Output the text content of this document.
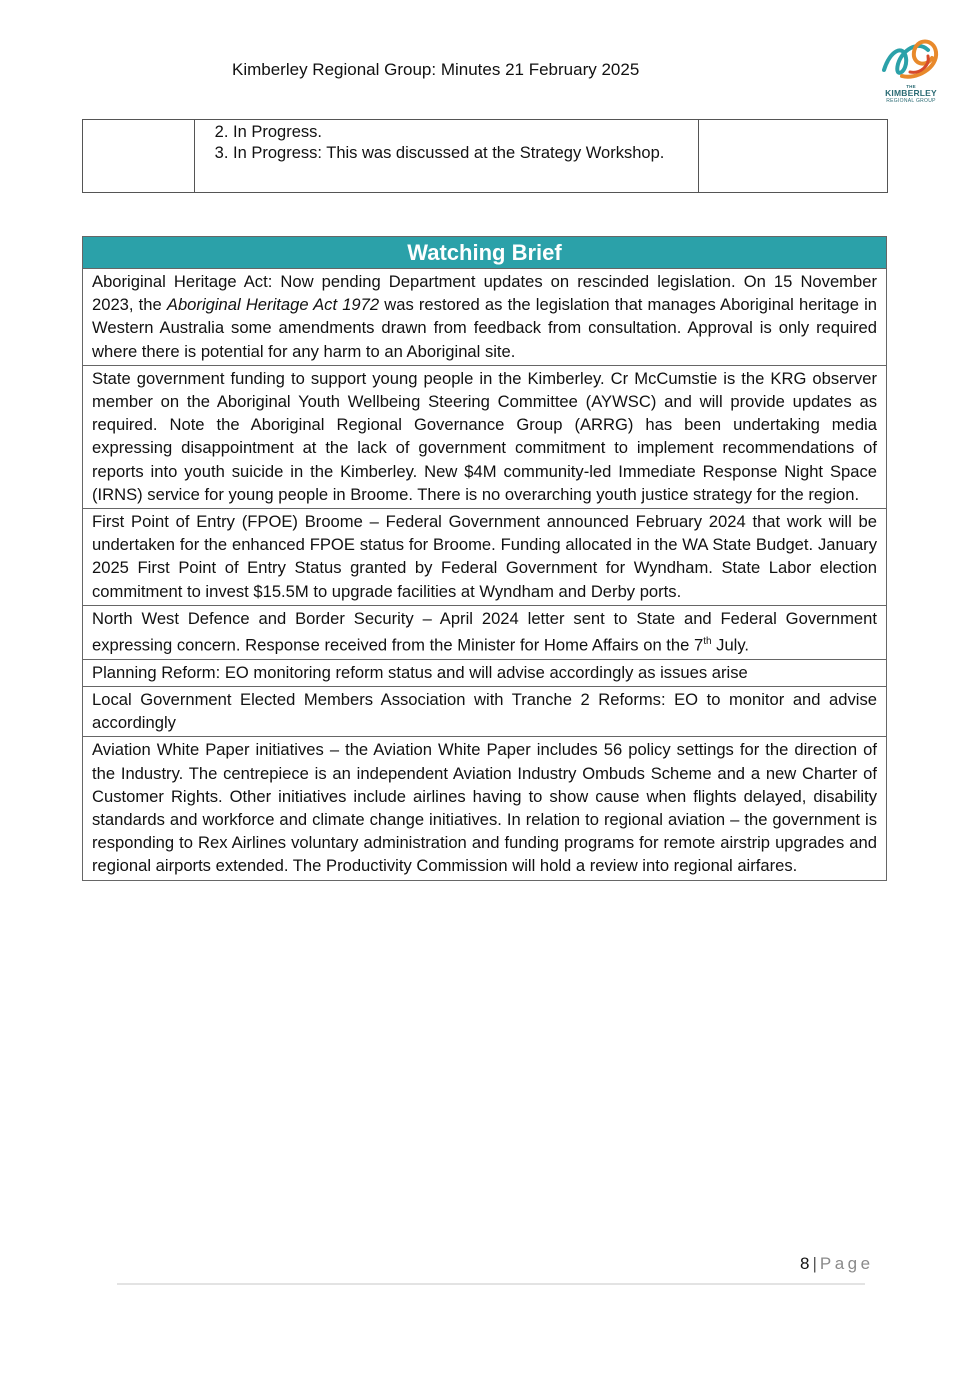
Kimberley Regional Group: Minutes 21 February 2025
THE
KIMBERLEY
REGIONAL GROUP

2. In Progress.
3. In Progress: This was discussed at the Strategy Workshop.

Watching Brief
Aboriginal Heritage Act: Now pending Department updates on rescinded legislation. On 15 November 2023, the Aboriginal Heritage Act 1972 was restored as the legislation that manages Aboriginal heritage in Western Australia some amendments drawn from feedback from consultation. Approval is only required where there is potential for any harm to an Aboriginal site.
State government funding to support young people in the Kimberley. Cr McCumstie is the KRG observer member on the Aboriginal Youth Wellbeing Steering Committee (AYWSC) and will provide updates as required. Note the Aboriginal Regional Governance Group (ARRG) has been undertaking media expressing disappointment at the lack of government commitment to implement recommendations of reports into youth suicide in the Kimberley. New $4M community-led Immediate Response Night Space (IRNS) service for young people in Broome. There is no overarching youth justice strategy for the region.
First Point of Entry (FPOE) Broome – Federal Government announced February 2024 that work will be undertaken for the enhanced FPOE status for Broome. Funding allocated in the WA State Budget. January 2025 First Point of Entry Status granted by Federal Government for Wyndham. State Labor election commitment to invest $15.5M to upgrade facilities at Wyndham and Derby ports.
North West Defence and Border Security – April 2024 letter sent to State and Federal Government expressing concern. Response received from the Minister for Home Affairs on the 7th July.
Planning Reform: EO monitoring reform status and will advise accordingly as issues arise
Local Government Elected Members Association with Tranche 2 Reforms: EO to monitor and advise accordingly
Aviation White Paper initiatives – the Aviation White Paper includes 56 policy settings for the direction of the Industry. The centrepiece is an independent Aviation Industry Ombuds Scheme and a new Charter of Customer Rights. Other initiatives include airlines having to show cause when flights delayed, disability standards and workforce and climate change initiatives. In relation to regional aviation – the government is responding to Rex Airlines voluntary administration and funding programs for remote airstrip upgrades and regional airports extended. The Productivity Commission will hold a review into regional airfares.
8 | Page
